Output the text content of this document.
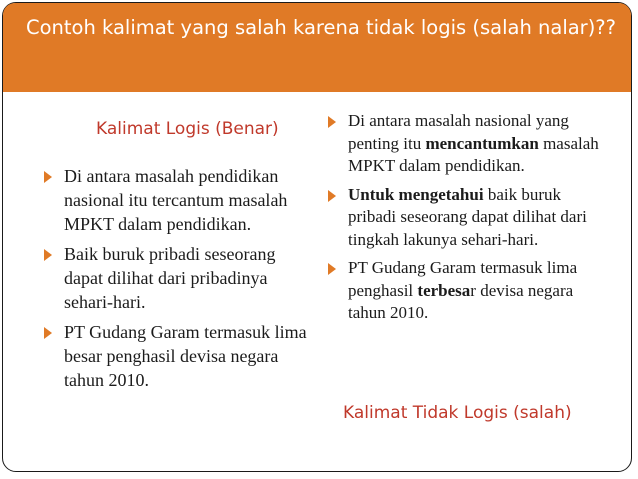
Contoh kalimat yang salah karena tidak logis (salah nalar)??
Kalimat Logis (Benar)
Di antara masalah pendidikan nasional itu tercantum masalah MPKT dalam pendidikan.
Baik buruk pribadi seseorang dapat dilihat dari pribadinya sehari-hari.
PT Gudang Garam termasuk lima besar penghasil devisa negara tahun 2010.
Di antara masalah nasional yang penting itu mencantumkan masalah MPKT dalam pendidikan.
Untuk mengetahui baik buruk pribadi seseorang dapat dilihat dari tingkah lakunya sehari-hari.
PT Gudang Garam termasuk lima penghasil terbesar devisa negara tahun 2010.
Kalimat Tidak Logis (salah)
